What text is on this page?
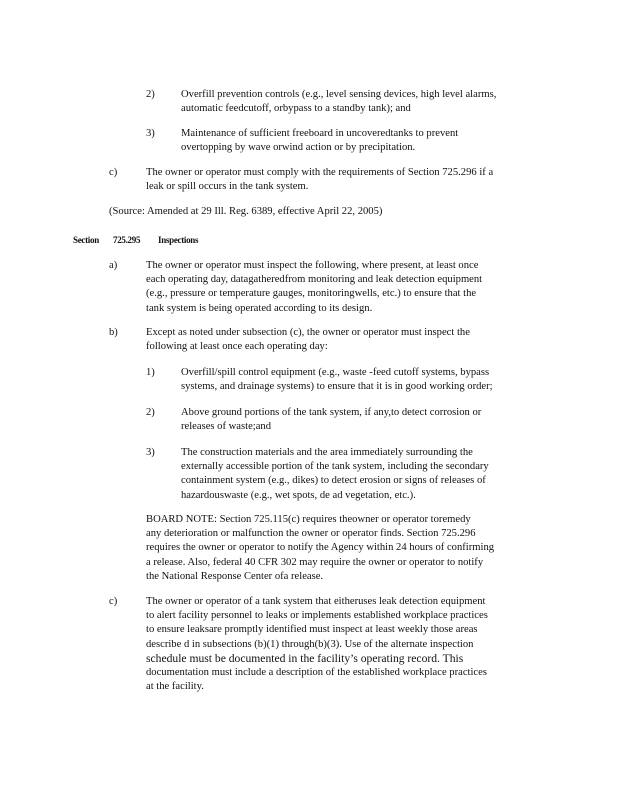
2) Overfill prevention controls (e.g., level sensing devices, high level alarms,
automatic feedcutoff, orbypass to a standby tank); and
3) Maintenance of sufficient freeboard in uncoveredtanks to prevent
overtopping by wave orwind action or by precipitation.
c)	The owner or operator must comply with the requirements of Section 725.296 if a
leak or spill occurs in the tank system.
(Source: Amended at 29 Ill. Reg. 6389, effective April 22, 2005)
Section 725.295 Inspections
a)	The owner or operator must inspect the following, where present, at least once
each operating day, datagatheredfrom monitoring and leak detection equipment
(e.g., pressure or temperature gauges, monitoringwells, etc.) to ensure that the
tank system is being operated according to its design.
b)	Except as noted under subsection (c), the owner or operator must inspect the
following at least once each operating day:
1) Overfill/spill control equipment (e.g., waste -feed cutoff systems, bypass
systems, and drainage systems) to ensure that it is in good working order;
2) Above ground portions of the tank system, if any,to detect corrosion or
releases of waste;and
3) The construction materials and the area immediately surrounding the
externally accessible portion of the tank system, including the secondary
containment system (e.g., dikes) to detect erosion or signs of releases of
hazardouswaste (e.g., wet spots, de ad vegetation, etc.).
BOARD NOTE: Section 725.115(c) requires theowner or operator toremedy
any deterioration or malfunction the owner or operator finds. Section 725.296
requires the owner or operator to notify the Agency within 24 hours of confirming
a release. Also, federal 40 CFR 302 may require the owner or operator to notify
the National Response Center ofa release.
c)	The owner or operator of a tank system that eitheruses leak detection equipment
to alert facility personnel to leaks or implements established workplace practices
to ensure leaksare promptly identified must inspect at least weekly those areas
describe d in subsections (b)(1) through(b)(3). Use of the alternate inspection
schedule must be documented in the facility’s operating record. This
documentation must include a description of the established workplace practices
at the facility.
